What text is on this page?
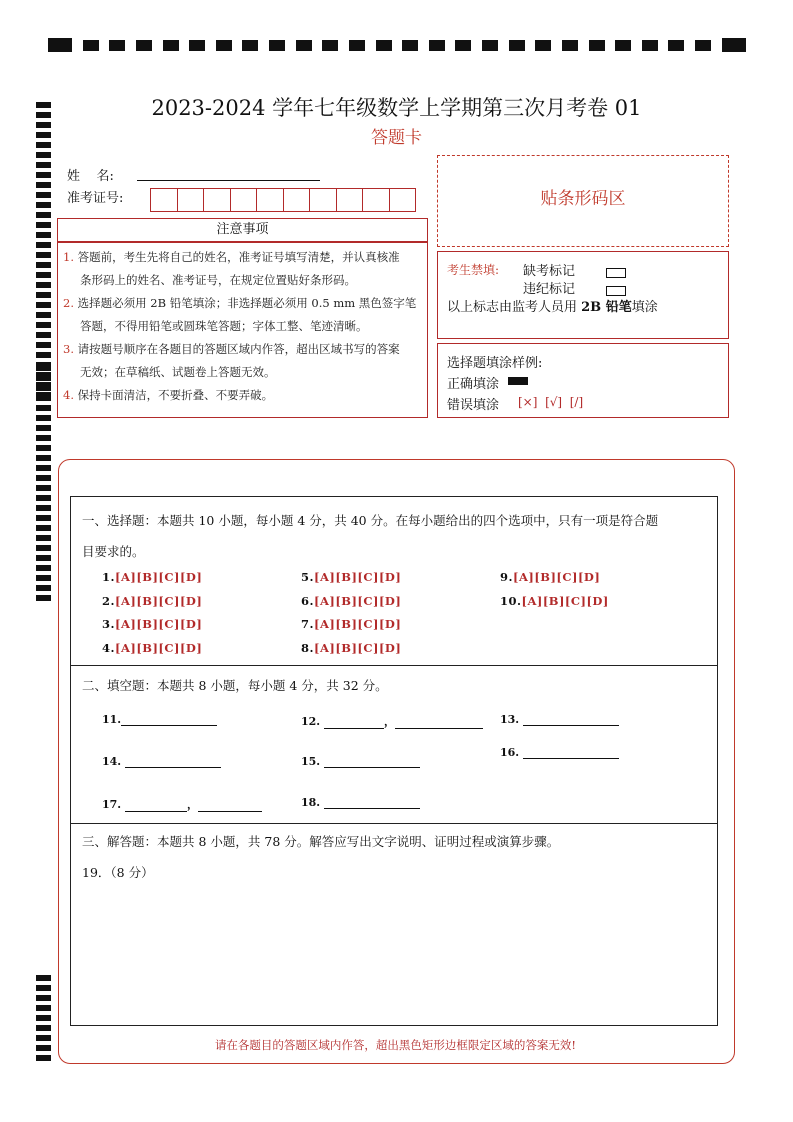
2023-2024 学年七年级数学上学期第三次月考卷 01
答题卡
姓    名:
准考证号:	贴条形码区
注意事项

1. 答题前，考生先将自己的姓名，准考证号填写清楚，并认真核准

条形码上的姓名、准考证号，在规定位置贴好条形码。

2. 选择题必须用 2B 铅笔填涂；非选择题必须用 0.5 mm 黑色签字笔

答题，不得用铅笔或圆珠笔答题；字体工整、笔迹清晰。

3. 请按题号顺序在各题目的答题区域内作答，超出区域书写的答案

无效；在草稿纸、试题卷上答题无效。

4. 保持卡面清洁，不要折叠、不要弄破。

考生禁填: 缺考标记
违纪标记
以上标志由监考人员用 2B 铅笔填涂
选择题填涂样例:
正确填涂
错误填涂 [×] [√] [/]
一、选择题：本题共 10 小题，每小题 4 分，共 40 分。在每小题给出的四个选项中，只有一项是符合题
目要求的。
1.[A][B][C][D]
2.[A][B][C][D]
3.[A][B][C][D]
4.[A][B][C][D]
5.[A][B][C][D]
6.[A][B][C][D]
7.[A][B][C][D]
8.[A][B][C][D]
9.[A][B][C][D]
10.[A][B][C][D]
二、填空题：本题共 8 小题，每小题 4 分，共 32 分。
11.	12.	，	13.
14.	15.
16.
17.	，	18.
三、解答题：本题共 8 小题，共 78 分。解答应写出文字说明、证明过程或演算步骤。
19．（8 分）
请在各题目的答题区域内作答，超出黑色矩形边框限定区域的答案无效!
